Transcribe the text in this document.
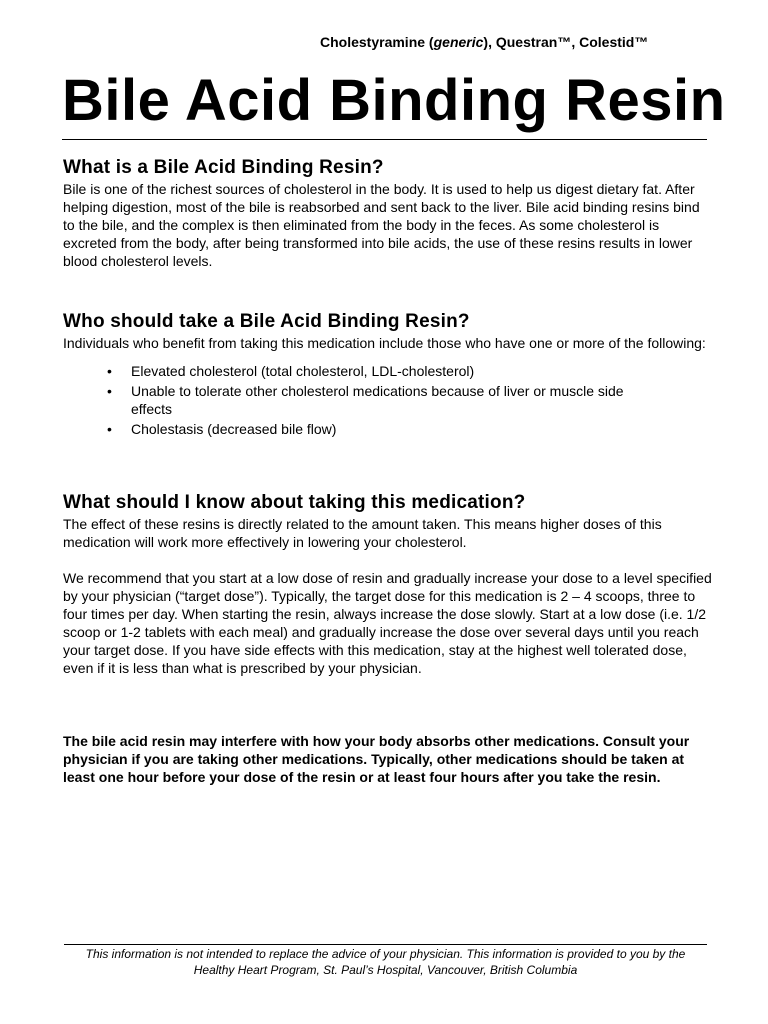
Cholestyramine (generic), Questran™, Colestid™
Bile Acid Binding Resin
What is a Bile Acid Binding Resin?

Bile is one of the richest sources of cholesterol in the body. It is used to help us digest dietary fat. After helping digestion, most of the bile is reabsorbed and sent back to the liver. Bile acid binding resins bind to the bile, and the complex is then eliminated from the body in the feces. As some cholesterol is excreted from the body, after being transformed into bile acids, the use of these resins results in lower blood cholesterol levels.

Who should take a Bile Acid Binding Resin?

Individuals who benefit from taking this medication include those who have one or more of the following:

• Elevated cholesterol (total cholesterol, LDL-cholesterol)
• Unable to tolerate other cholesterol medications because of liver or muscle side effects
• Cholestasis (decreased bile flow)
What should I know about taking this medication?

The effect of these resins is directly related to the amount taken. This means higher doses of this medication will work more effectively in lowering your cholesterol.

We recommend that you start at a low dose of resin and gradually increase your dose to a level specified by your physician (“target dose”). Typically, the target dose for this medication is 2 – 4 scoops, three to four times per day. When starting the resin, always increase the dose slowly. Start at a low dose (i.e. 1/2 scoop or 1-2 tablets with each meal) and gradually increase the dose over several days until you reach your target dose. If you have side effects with this medication, stay at the highest well tolerated dose, even if it is less than what is prescribed by your physician.

The bile acid resin may interfere with how your body absorbs other medications. Consult your physician if you are taking other medications. Typically, other medications should be taken at least one hour before your dose of the resin or at least four hours after you take the resin.

This information is not intended to replace the advice of your physician. This information is provided to you by the Healthy Heart Program, St. Paul’s Hospital, Vancouver, British Columbia
